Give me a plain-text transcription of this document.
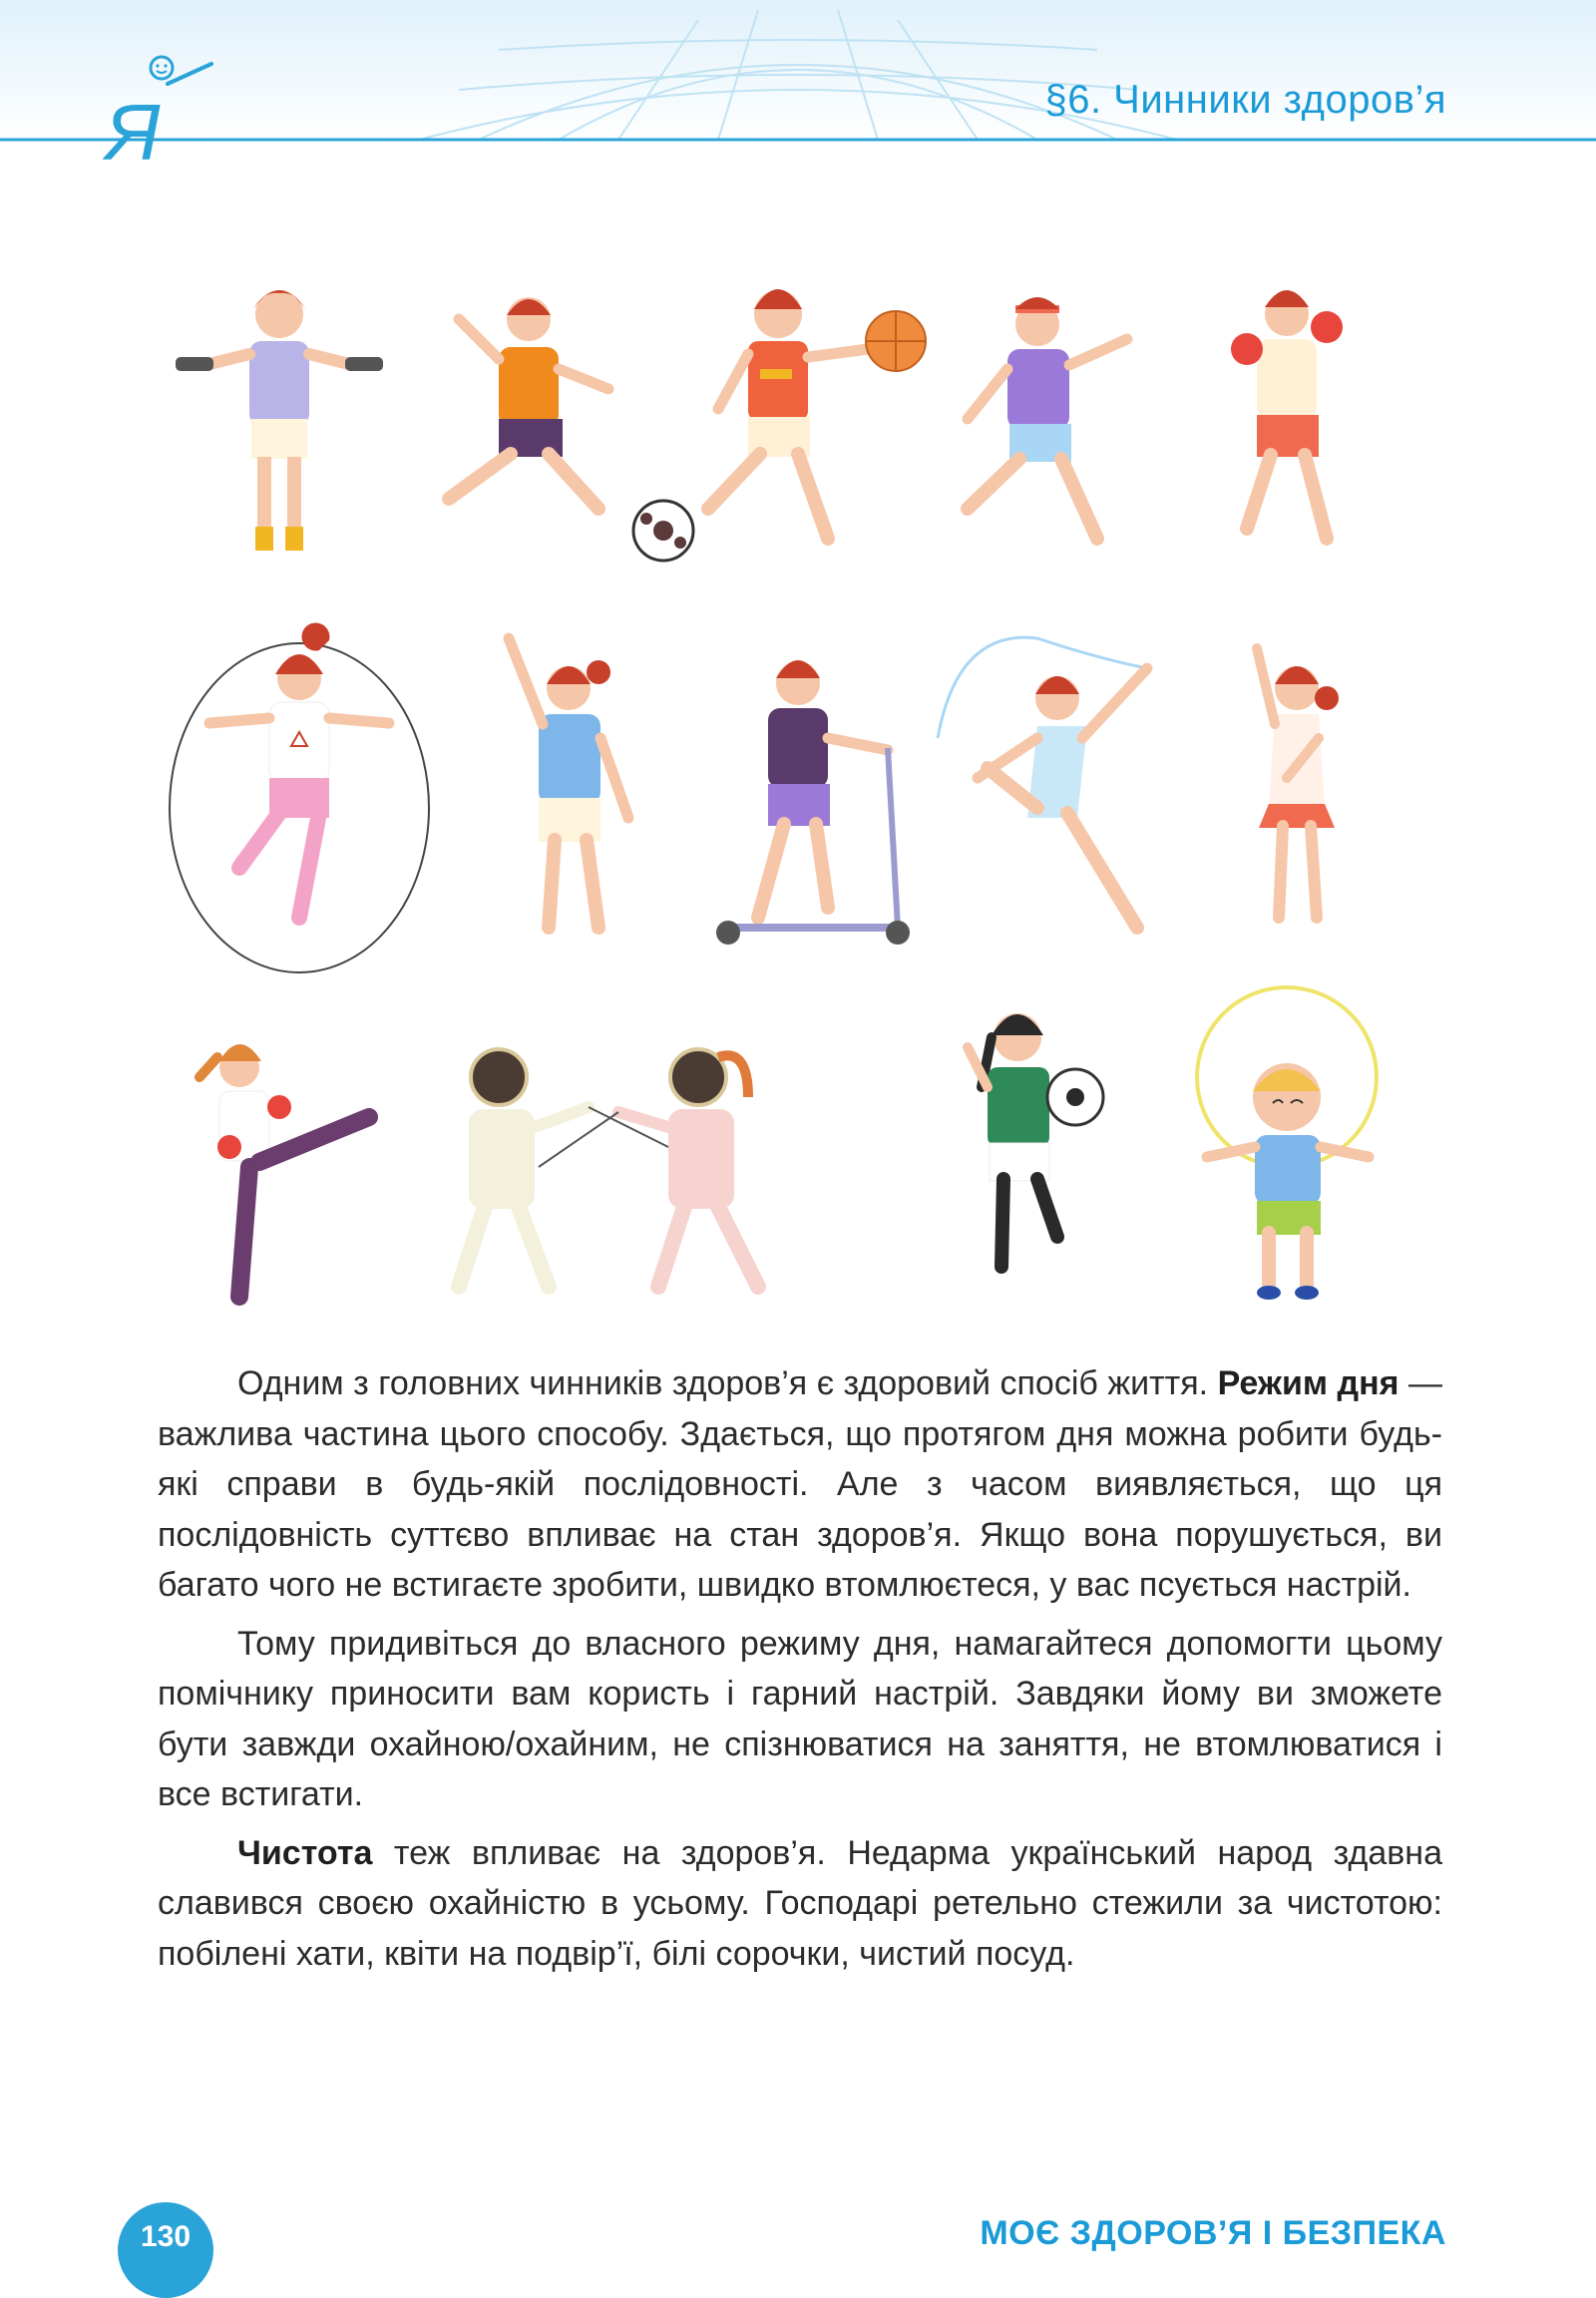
Я	§6. Чинники здоров’я

Одним з головних чинників здоров’я є здоровий спосіб життя. Режим дня — важлива частина цього способу. Здається, що протягом дня можна робити будь-які справи в будь-якій послідовності. Але з часом виявляється, що ця послідовність суттєво впливає на стан здоров’я. Якщо вона порушується, ви багато чого не встигаєте зробити, швидко втомлюєтеся, у вас псується настрій.

Тому придивіться до власного режиму дня, намагайтеся допомогти цьому помічнику приносити вам користь і гарний настрій. Завдяки йому ви зможете бути завжди охайною/охайним, не спізнюватися на заняття, не втомлюватися і все встигати.

Чистота теж впливає на здоров’я. Недарма український народ здавна славився своєю охайністю в усьому. Господарі ретельно стежили за чистотою: побілені хати, квіти на подвір’ї, білі сорочки, чистий посуд.

130	МОЄ ЗДОРОВ’Я І БЕЗПЕКА
